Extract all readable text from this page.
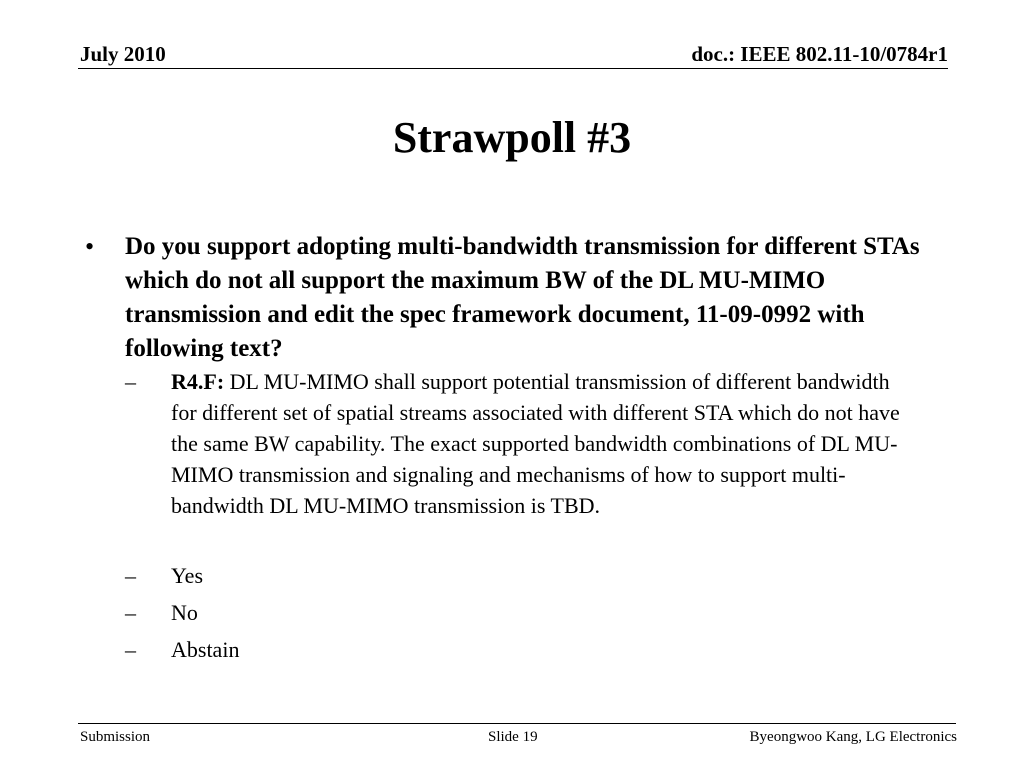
July 2010	doc.: IEEE 802.11-10/0784r1
Strawpoll #3
•	Do you support adopting multi-bandwidth transmission for different STAs which do not all support the maximum BW of the DL MU-MIMO transmission and edit the spec framework document, 11-09-0992 with following text?
–	R4.F: DL MU-MIMO shall support potential transmission of different bandwidth for different set of spatial streams associated with different STA which do not have the same BW capability. The exact supported bandwidth combinations of DL MU-MIMO transmission and signaling and mechanisms of how to support multi-bandwidth DL MU-MIMO transmission is TBD.
–	Yes
–	No
–	Abstain
Submission	Slide 19	Byeongwoo Kang, LG Electronics
